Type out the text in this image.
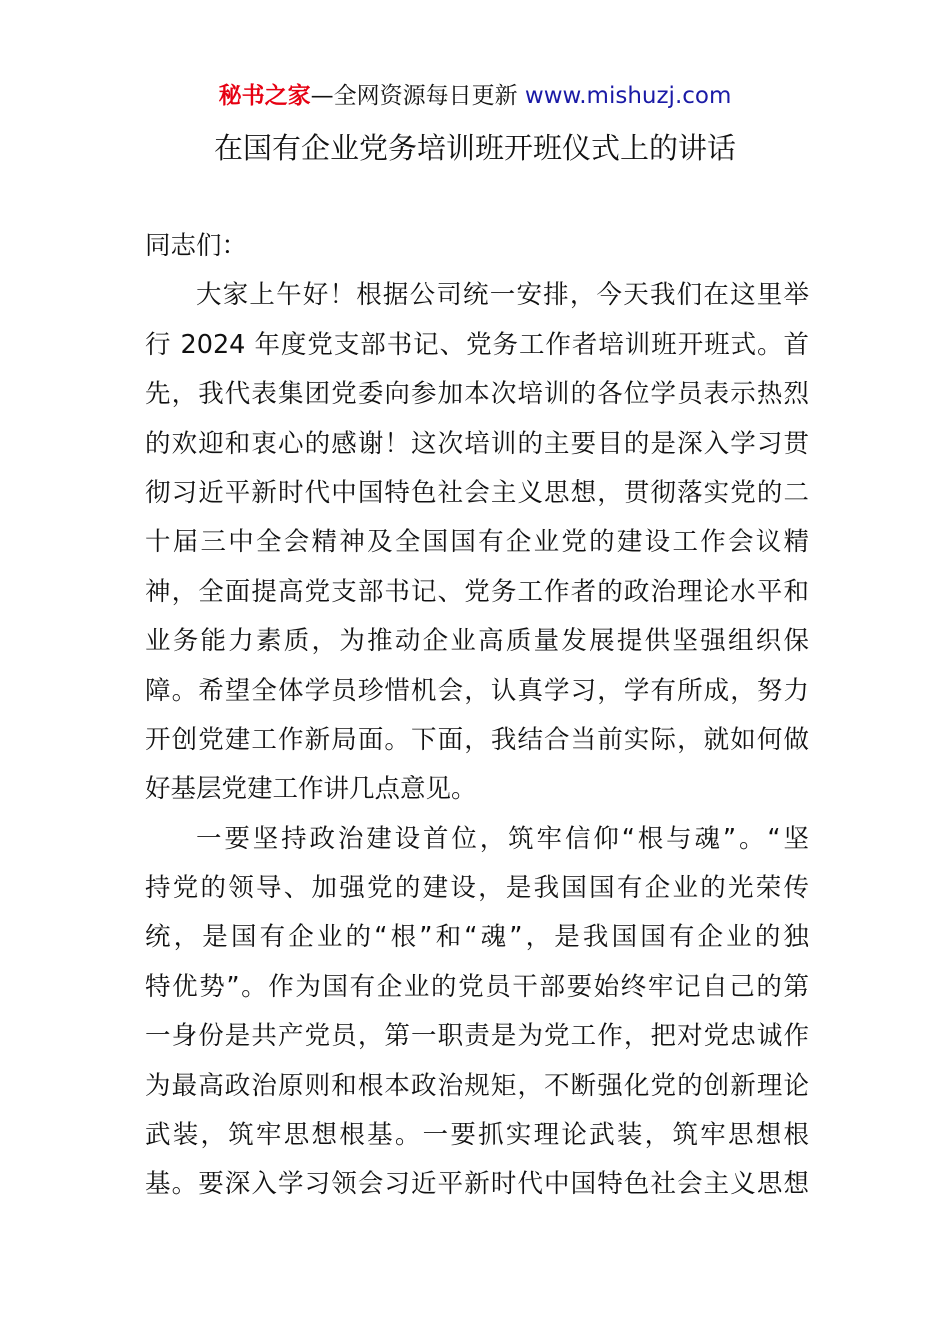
秘书之家—全网资源每日更新 www.mishuzj.com
在国有企业党务培训班开班仪式上的讲话
同志们：
大家上午好！根据公司统一安排，今天我们在这里举
行 2024 年度党支部书记、党务工作者培训班开班式。首
先，我代表集团党委向参加本次培训的各位学员表示热烈
的欢迎和衷心的感谢！这次培训的主要目的是深入学习贯
彻习近平新时代中国特色社会主义思想，贯彻落实党的二
十届三中全会精神及全国国有企业党的建设工作会议精
神，全面提高党支部书记、党务工作者的政治理论水平和
业务能力素质，为推动企业高质量发展提供坚强组织保
障。希望全体学员珍惜机会，认真学习，学有所成，努力
开创党建工作新局面。下面，我结合当前实际，就如何做
好基层党建工作讲几点意见。
一要坚持政治建设首位，筑牢信仰“根与魂”。“坚
持党的领导、加强党的建设，是我国国有企业的光荣传
统，是国有企业的“根”和“魂”，是我国国有企业的独
特优势”。作为国有企业的党员干部要始终牢记自己的第
一身份是共产党员，第一职责是为党工作，把对党忠诚作
为最高政治原则和根本政治规矩，不断强化党的创新理论
武装，筑牢思想根基。一要抓实理论武装，筑牢思想根
基。要深入学习领会习近平新时代中国特色社会主义思想
